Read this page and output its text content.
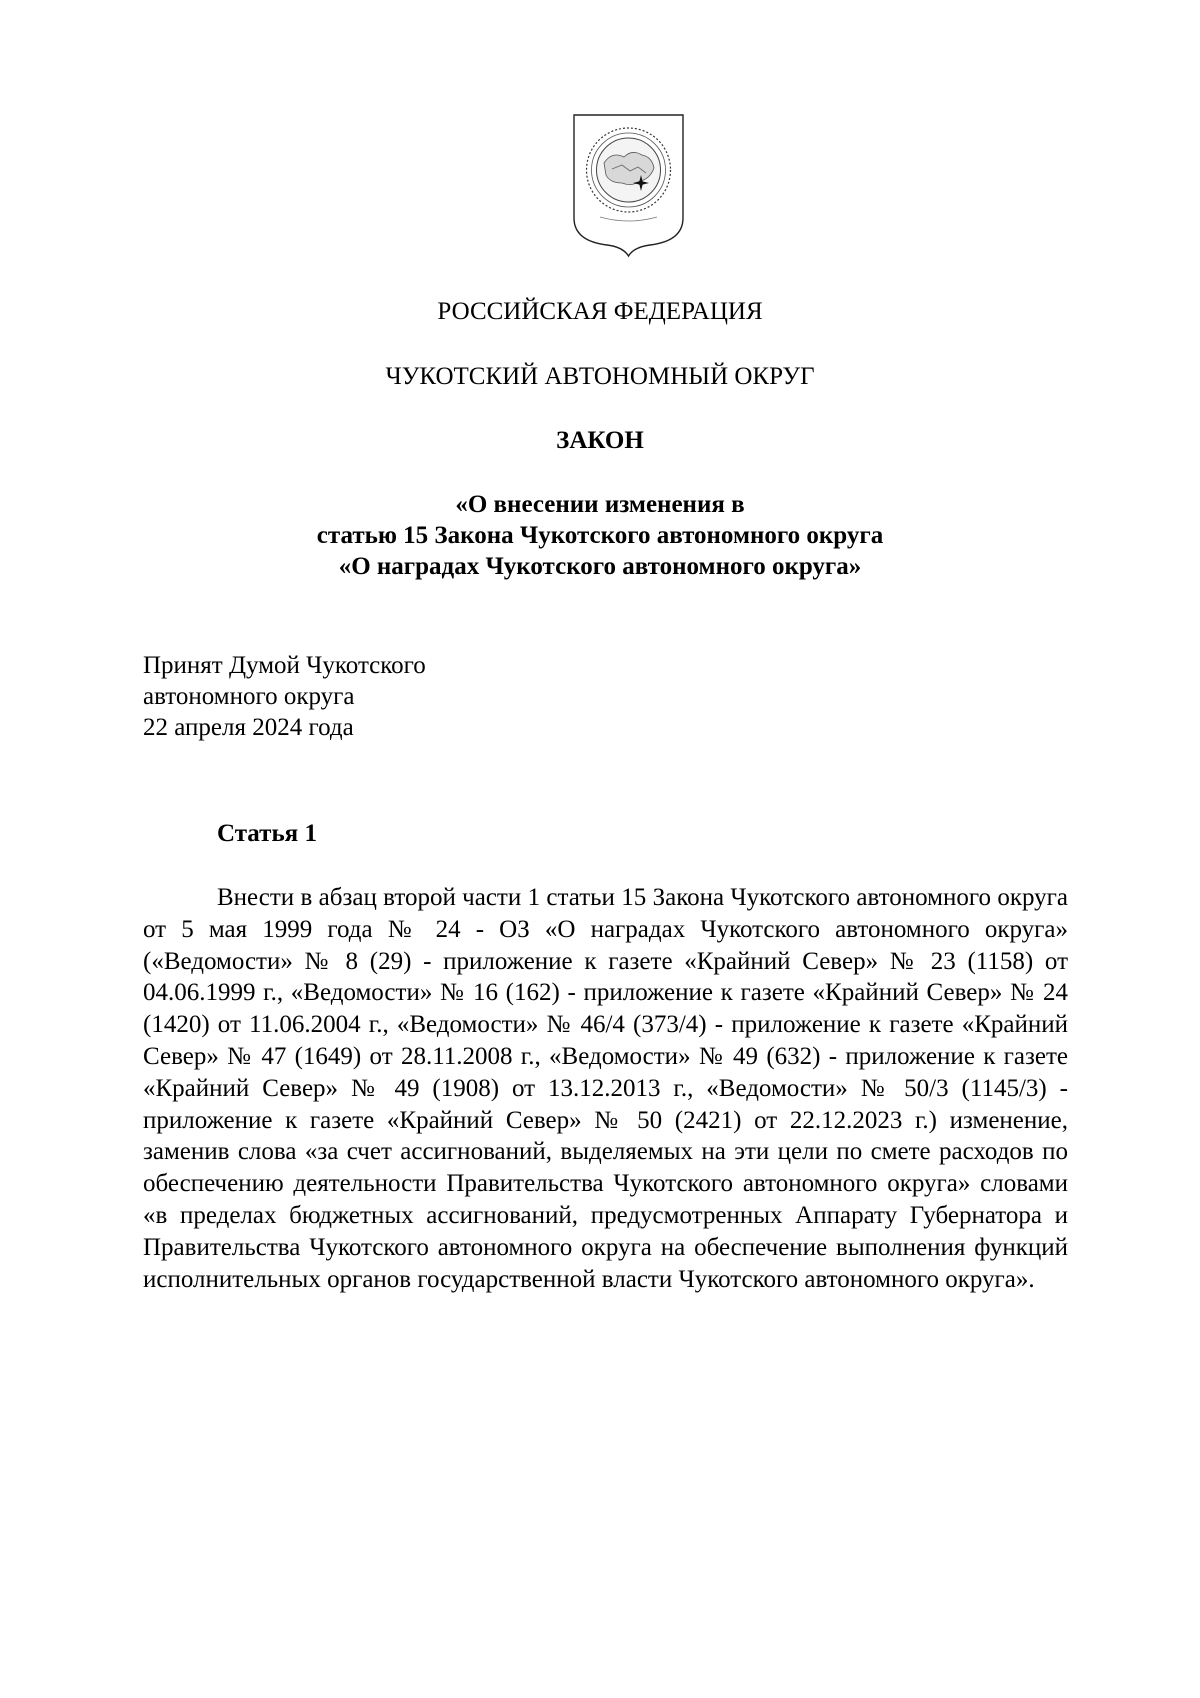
РОССИЙСКАЯ ФЕДЕРАЦИЯ
ЧУКОТСКИЙ АВТОНОМНЫЙ ОКРУГ
ЗАКОН
«О внесении изменения в
статью 15 Закона Чукотского автономного округа
«О наградах Чукотского автономного округа»
Принят Думой Чукотского
автономного округа
22 апреля 2024 года
Статья 1

Внести в абзац второй части 1 статьи 15 Закона Чукотского автономного округа от 5 мая 1999 года № 24 - ОЗ «О наградах Чукотского автономного округа» («Ведомости» № 8 (29) - приложение к газете «Крайний Север» № 23 (1158) от 04.06.1999 г., «Ведомости» № 16 (162) - приложение к газете «Крайний Север» № 24 (1420) от 11.06.2004 г., «Ведомости» № 46/4 (373/4) - приложение к газете «Крайний Север» № 47 (1649) от 28.11.2008 г., «Ведомости» № 49 (632) - приложение к газете «Крайний Север» № 49 (1908) от 13.12.2013 г., «Ведомости» № 50/3 (1145/3) - приложение к газете «Крайний Север» № 50 (2421) от 22.12.2023 г.) изменение, заменив слова «за счет ассигнований, выделяемых на эти цели по смете расходов по обеспечению деятельности Правительства Чукотского автономного округа» словами «в пределах бюджетных ассигнований, предусмотренных Аппарату Губернатора и Правительства Чукотского автономного округа на обеспечение выполнения функций исполнительных органов государственной власти Чукотского автономного округа».
